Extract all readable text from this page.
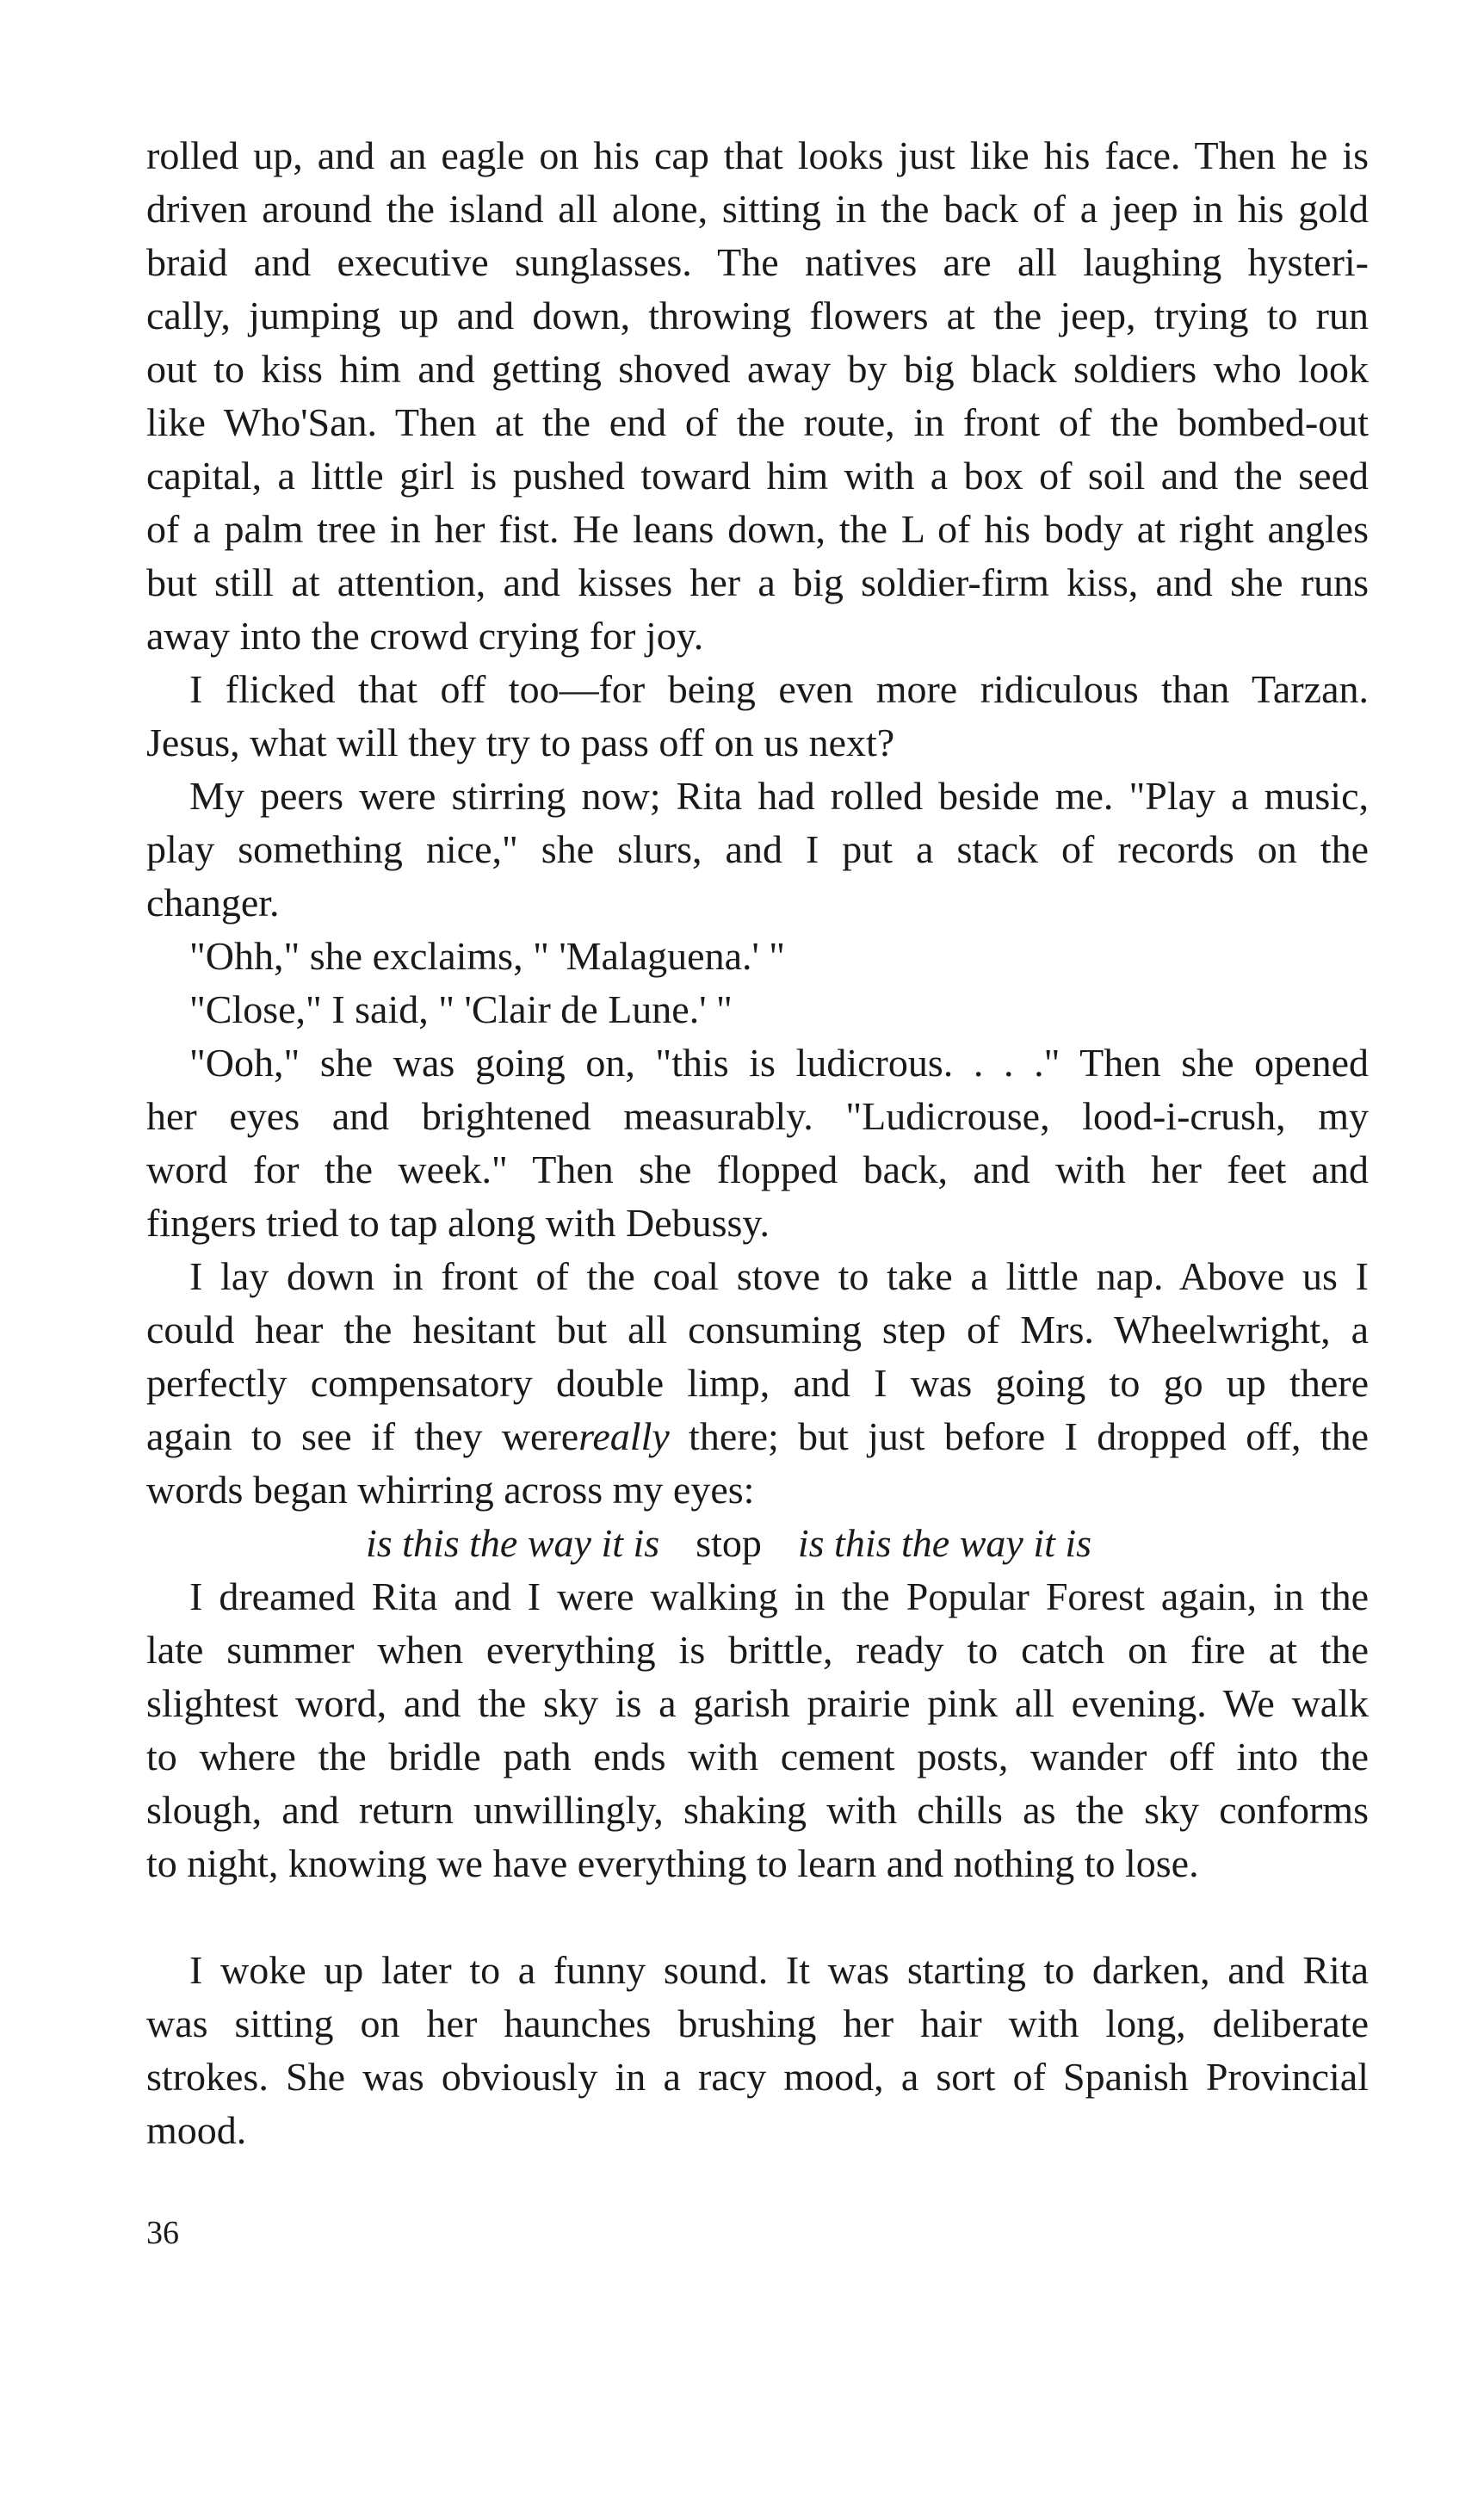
rolled up, and an eagle on his cap that looks just like his face. Then he is
driven around the island all alone, sitting in the back of a jeep in his gold
braid and executive sunglasses. The natives are all laughing hysteri-
cally, jumping up and down, throwing flowers at the jeep, trying to run
out to kiss him and getting shoved away by big black soldiers who look
like Who'San. Then at the end of the route, in front of the bombed-out
capital, a little girl is pushed toward him with a box of soil and the seed
of a palm tree in her fist. He leans down, the L of his body at right angles
but still at attention, and kisses her a big soldier-firm kiss, and she runs
away into the crowd crying for joy.
I flicked that off too—for being even more ridiculous than Tarzan.
Jesus, what will they try to pass off on us next?
My peers were stirring now; Rita had rolled beside me. "Play a music,
play something nice," she slurs, and I put a stack of records on the
changer.
"Ohh," she exclaims, " 'Malaguena.' "
"Close," I said, " 'Clair de Lune.' "
"Ooh," she was going on, "this is ludicrous. . . ." Then she opened
her eyes and brightened measurably. "Ludicrouse, lood-i-crush, my
word for the week." Then she flopped back, and with her feet and
fingers tried to tap along with Debussy.
I lay down in front of the coal stove to take a little nap. Above us I
could hear the hesitant but all consuming step of Mrs. Wheelwright, a
perfectly compensatory double limp, and I was going to go up there
again to see if they werereally there; but just before I dropped off, the
words began whirring across my eyes:
is this the way it is stop is this the way it is
I dreamed Rita and I were walking in the Popular Forest again, in the
late summer when everything is brittle, ready to catch on fire at the
slightest word, and the sky is a garish prairie pink all evening. We walk
to where the bridle path ends with cement posts, wander off into the
slough, and return unwillingly, shaking with chills as the sky conforms
to night, knowing we have everything to learn and nothing to lose.
I woke up later to a funny sound. It was starting to darken, and Rita
was sitting on her haunches brushing her hair with long, deliberate
strokes. She was obviously in a racy mood, a sort of Spanish Provincial
mood.
36
